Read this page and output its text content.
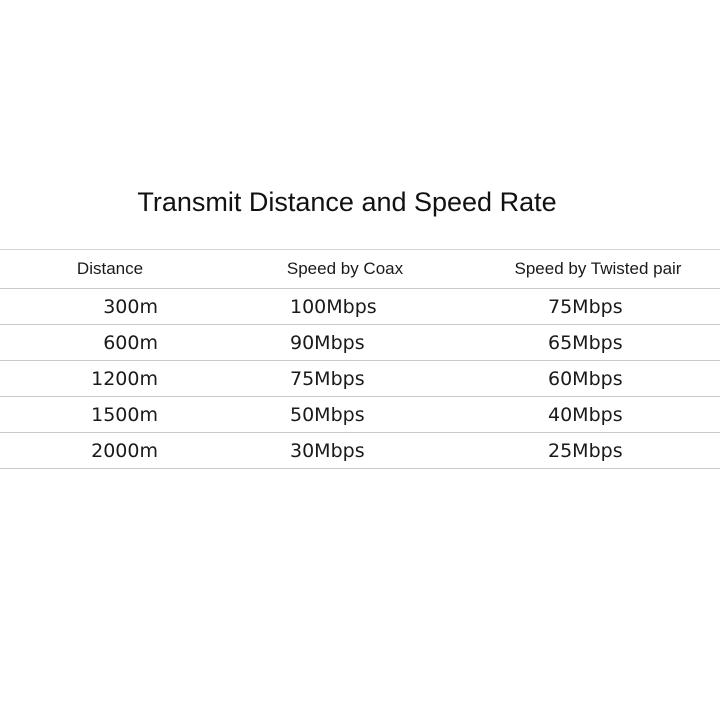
Transmit Distance and Speed Rate
Distance	Speed by Coax	Speed by Twisted pair
300m	100Mbps	75Mbps
600m	90Mbps	65Mbps
1200m	75Mbps	60Mbps
1500m	50Mbps	40Mbps
2000m	30Mbps	25Mbps
